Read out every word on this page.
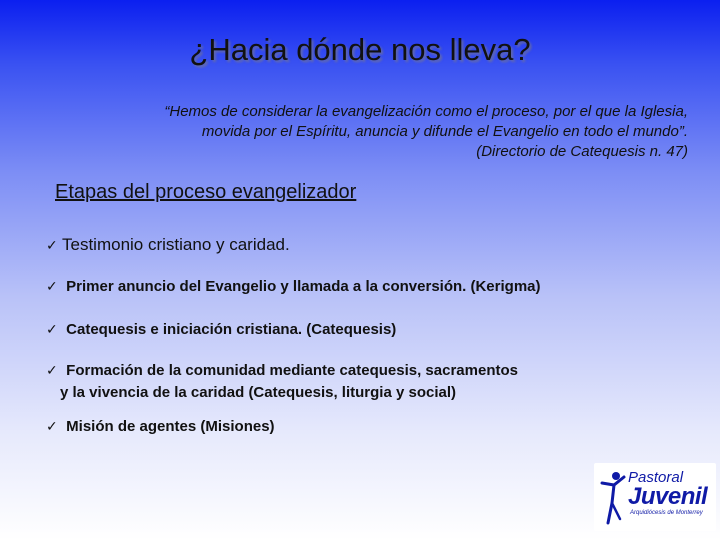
¿Hacia dónde nos lleva?
“Hemos de considerar la evangelización como el proceso, por el que la Iglesia,
movida por el Espíritu, anuncia y difunde el Evangelio en todo el mundo”.
(Directorio de Catequesis n. 47)
Etapas del proceso evangelizador
✓ Testimonio cristiano y caridad.
✓ Primer anuncio del Evangelio y llamada a la conversión. (Kerigma)
✓ Catequesis e iniciación cristiana. (Catequesis)
✓ Formación de la comunidad mediante catequesis, sacramentos
y la vivencia de la caridad (Catequesis, liturgia y social)
✓ Misión de agentes (Misiones)
Pastoral
Juvenil
Arquidiócesis de Monterrey
